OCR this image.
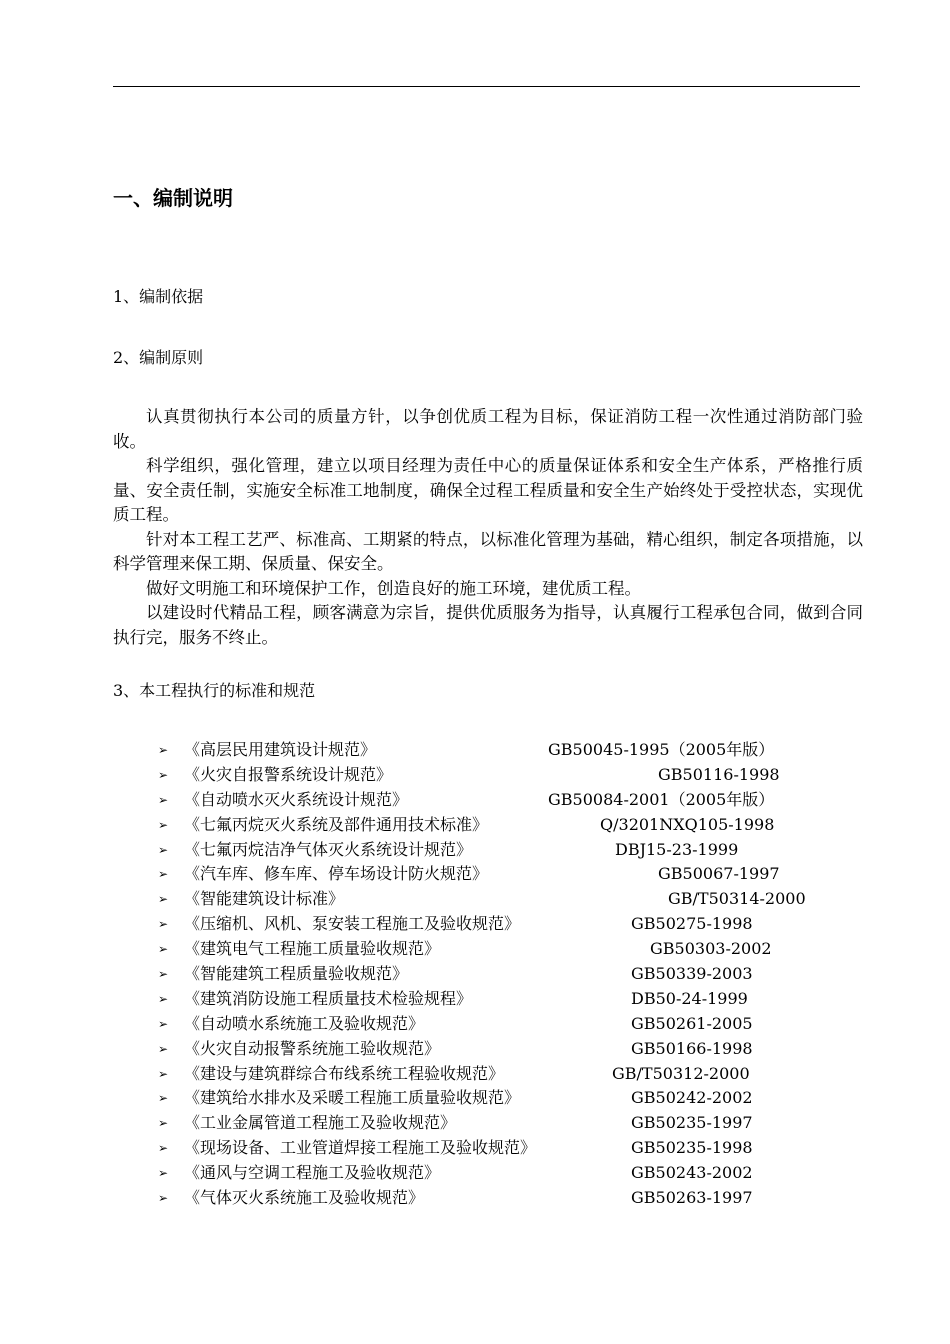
一、编制说明
1、编制依据
2、编制原则

认真贯彻执行本公司的质量方针，以争创优质工程为目标，保证消防工程一次性通过消防部门验收。

科学组织，强化管理，建立以项目经理为责任中心的质量保证体系和安全生产体系，严格推行质量、安全责任制，实施安全标准工地制度，确保全过程工程质量和安全生产始终处于受控状态，实现优质工程。

针对本工程工艺严、标准高、工期紧的特点，以标准化管理为基础，精心组织，制定各项措施，以科学管理来保工期、保质量、保安全。

做好文明施工和环境保护工作，创造良好的施工环境，建优质工程。

以建设时代精品工程，顾客满意为宗旨，提供优质服务为指导，认真履行工程承包合同，做到合同执行完，服务不终止。

3、本工程执行的标准和规范
➢ 《高层民用建筑设计规范》	GB50045-1995（2005年版）
➢ 《火灾自报警系统设计规范》	GB50116-1998
➢ 《自动喷水灭火系统设计规范》	GB50084-2001（2005年版）
➢ 《七氟丙烷灭火系统及部件通用技术标准》	Q/3201NXQ105-1998
➢ 《七氟丙烷洁净气体灭火系统设计规范》	DBJ15-23-1999
➢ 《汽车库、修车库、停车场设计防火规范》	GB50067-1997
➢ 《智能建筑设计标准》	GB/T50314-2000
➢ 《压缩机、风机、泵安装工程施工及验收规范》	GB50275-1998
➢ 《建筑电气工程施工质量验收规范》	GB50303-2002
➢ 《智能建筑工程质量验收规范》	GB50339-2003
➢ 《建筑消防设施工程质量技术检验规程》	DB50-24-1999
➢ 《自动喷水系统施工及验收规范》	GB50261-2005
➢ 《火灾自动报警系统施工验收规范》	GB50166-1998
➢ 《建设与建筑群综合布线系统工程验收规范》	GB/T50312-2000
➢ 《建筑给水排水及采暖工程施工质量验收规范》	GB50242-2002
➢ 《工业金属管道工程施工及验收规范》	GB50235-1997
➢ 《现场设备、工业管道焊接工程施工及验收规范》	GB50235-1998
➢ 《通风与空调工程施工及验收规范》	GB50243-2002
➢ 《气体灭火系统施工及验收规范》	GB50263-1997
